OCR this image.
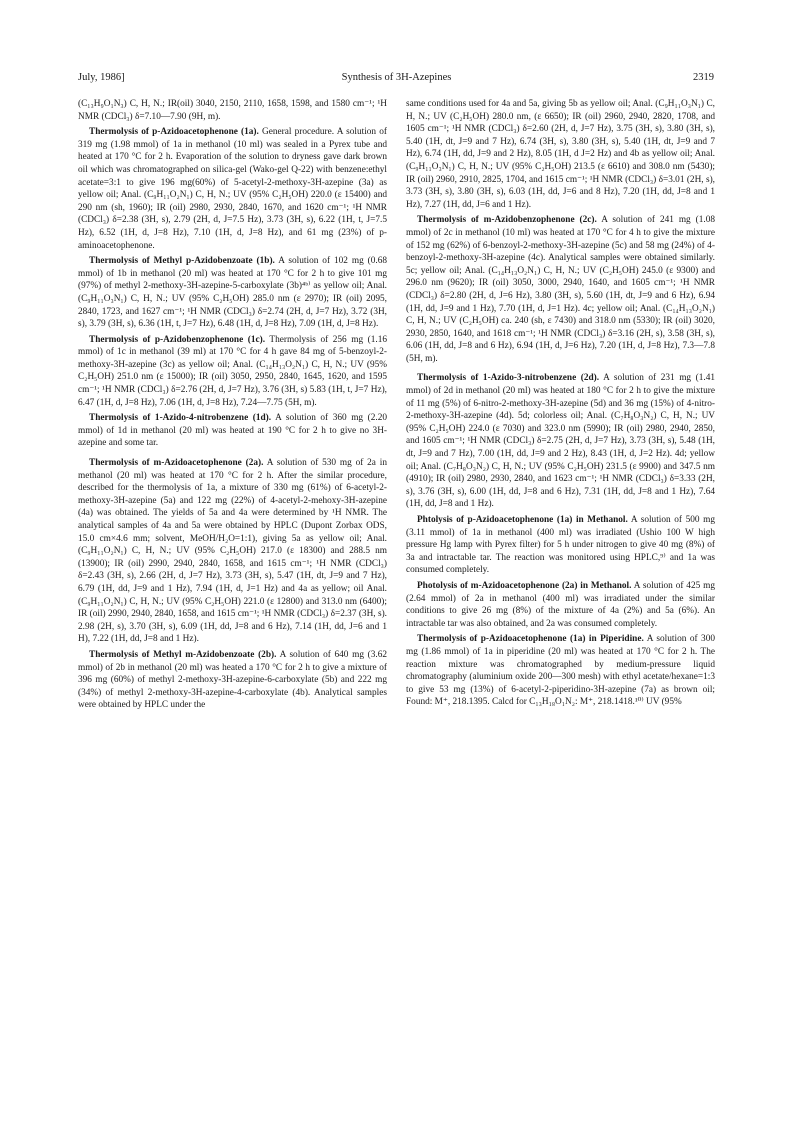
July, 1986]	Synthesis of 3H-Azepines	2319

(C₁₃H₉O₁N₃) C, H, N.; IR(oil) 3040, 2150, 2110, 1658, 1598, and 1580 cm⁻¹; ¹H NMR (CDCl₃) δ=7.10—7.90 (9H, m).

Thermolysis of p-Azidoacetophenone (1a). General procedure. A solution of 319 mg (1.98 mmol) of 1a in methanol (10 ml) was sealed in a Pyrex tube and heated at 170 °C for 2 h. Evaporation of the solution to dryness gave dark brown oil which was chromatographed on silica-gel (Wako-gel Q-22) with benzene:ethyl acetate=3:1 to give 196 mg(60%) of 5-acetyl-2-methoxy-3H-azepine (3a) as yellow oil; Anal. (C₉H₁₁O₂N₁) C, H, N.; UV (95% C₂H₅OH) 220.0 (ε 15400) and 290 nm (sh, 1960); IR (oil) 2980, 2930, 2840, 1670, and 1620 cm⁻¹; ¹H NMR (CDCl₃) δ=2.38 (3H, s), 2.79 (2H, d, J=7.5 Hz), 3.73 (3H, s), 6.22 (1H, t, J=7.5 Hz), 6.52 (1H, d, J=8 Hz), 7.10 (1H, d, J=8 Hz), and 61 mg (23%) of p-aminoacetophenone.

Thermolysis of Methyl p-Azidobenzoate (1b). A solution of 102 mg (0.68 mmol) of 1b in methanol (20 ml) was heated at 170 °C for 2 h to give 101 mg (97%) of methyl 2-methoxy-3H-azepine-5-carboxylate (3b)⁴ᵇ⁾ as yellow oil; Anal. (C₉H₁₁O₃N₁) C, H, N.; UV (95% C₂H₅OH) 285.0 nm (ε 2970); IR (oil) 2095, 2840, 1723, and 1627 cm⁻¹; ¹H NMR (CDCl₃) δ=2.74 (2H, d, J=7 Hz), 3.72 (3H, s), 3.79 (3H, s), 6.36 (1H, t, J=7 Hz), 6.48 (1H, d, J=8 Hz), 7.09 (1H, d, J=8 Hz).

Thermolysis of p-Azidobenzophenone (1c). Thermolysis of 256 mg (1.16 mmol) of 1c in methanol (39 ml) at 170 °C for 4 h gave 84 mg of 5-benzoyl-2-methoxy-3H-azepine (3c) as yellow oil; Anal. (C₁₄H₁₃O₂N₁) C, H, N.; UV (95% C₂H₅OH) 251.0 nm (ε 15000); IR (oil) 3050, 2950, 2840, 1645, 1620, and 1595 cm⁻¹; ¹H NMR (CDCl₃) δ=2.76 (2H, d, J=7 Hz), 3.76 (3H, s) 5.83 (1H, t, J=7 Hz), 6.47 (1H, d, J=8 Hz), 7.06 (1H, d, J=8 Hz), 7.24—7.75 (5H, m).

Thermolysis of 1-Azido-4-nitrobenzene (1d). A solution of 360 mg (2.20 mmol) of 1d in methanol (20 ml) was heated at 190 °C for 2 h to give no 3H-azepine and some tar.

Thermolysis of m-Azidoacetophenone (2a). A solution of 530 mg of 2a in methanol (20 ml) was heated at 170 °C for 2 h. After the similar procedure, described for the thermolysis of 1a, a mixture of 330 mg (61%) of 6-acetyl-2-methoxy-3H-azepine (5a) and 122 mg (22%) of 4-acetyl-2-mehoxy-3H-azepine (4a) was obtained. The yields of 5a and 4a were determined by ¹H NMR. The analytical samples of 4a and 5a were obtained by HPLC (Dupont Zorbax ODS, 15.0 cm×4.6 mm; solvent, MeOH/H₂O=1:1), giving 5a as yellow oil; Anal. (C₉H₁₁O₂N₁) C, H, N.; UV (95% C₂H₅OH) 217.0 (ε 18300) and 288.5 nm (13900); IR (oil) 2990, 2940, 2840, 1658, and 1615 cm⁻¹; ¹H NMR (CDCl₃) δ=2.43 (3H, s), 2.66 (2H, d, J=7 Hz), 3.73 (3H, s), 5.47 (1H, dt, J=9 and 7 Hz), 6.79 (1H, dd, J=9 and 1 Hz), 7.94 (1H, d, J=1 Hz) and 4a as yellow; oil Anal. (C₉H₁₁O₂N₁) C, H, N.; UV (95% C₂H₅OH) 221.0 (ε 12800) and 313.0 nm (6400); IR (oil) 2990, 2940, 2840, 1658, and 1615 cm⁻¹; ¹H NMR (CDCl₃) δ=2.37 (3H, s). 2.98 (2H, s), 3.70 (3H, s), 6.09 (1H, dd, J=8 and 6 Hz), 7.14 (1H, dd, J=6 and 1 H), 7.22 (1H, dd, J=8 and 1 Hz).

Thermolysis of Methyl m-Azidobenzoate (2b). A solution of 640 mg (3.62 mmol) of 2b in methanol (20 ml) was heated a 170 °C for 2 h to give a mixture of 396 mg (60%) of methyl 2-methoxy-3H-azepine-6-carboxylate (5b) and 222 mg (34%) of methyl 2-methoxy-3H-azepine-4-carboxylate (4b). Analytical samples were obtained by HPLC under the

same conditions used for 4a and 5a, giving 5b as yellow oil; Anal. (C₉H₁₁O₃N₁) C, H, N.; UV (C₂H₅OH) 280.0 nm, (ε 6650); IR (oil) 2960, 2940, 2820, 1708, and 1605 cm⁻¹; ¹H NMR (CDCl₃) δ=2.60 (2H, d, J=7 Hz), 3.75 (3H, s), 3.80 (3H, s), 5.40 (1H, dt, J=9 and 7 Hz), 6.74 (3H, s), 3.80 (3H, s), 5.40 (1H, dt, J=9 and 7 Hz), 6.74 (1H, dd, J=9 and 2 Hz), 8.05 (1H, d J=2 Hz) and 4b as yellow oil; Anal. (C₉H₁₁O₃N₁) C, H, N.; UV (95% C₂H₅OH) 213.5 (ε 6610) and 308.0 nm (5430); IR (oil) 2960, 2910, 2825, 1704, and 1615 cm⁻¹; ¹H NMR (CDCl₃) δ=3.01 (2H, s), 3.73 (3H, s), 3.80 (3H, s), 6.03 (1H, dd, J=6 and 8 Hz), 7.20 (1H, dd, J=8 and 1 Hz), 7.27 (1H, dd, J=6 and 1 Hz).

Thermolysis of m-Azidobenzophenone (2c). A solution of 241 mg (1.08 mmol) of 2c in methanol (10 ml) was heated at 170 °C for 4 h to give the mixture of 152 mg (62%) of 6-benzoyl-2-methoxy-3H-azepine (5c) and 58 mg (24%) of 4-benzoyl-2-methoxy-3H-azepine (4c). Analytical samples were obtained similarly. 5c; yellow oil; Anal. (C₁₄H₁₃O₂N₁) C, H, N.; UV (C₂H₅OH) 245.0 (ε 9300) and 296.0 nm (9620); IR (oil) 3050, 3000, 2940, 1640, and 1605 cm⁻¹; ¹H NMR (CDCl₃) δ=2.80 (2H, d, J=6 Hz), 3.80 (3H, s), 5.60 (1H, dt, J=9 and 6 Hz), 6.94 (1H, dd, J=9 and 1 Hz), 7.70 (1H, d, J=1 Hz). 4c; yellow oil; Anal. (C₁₄H₁₃O₂N₁) C, H, N.; UV (C₂H₅OH) ca. 240 (sh, ε 7430) and 318.0 nm (5330); IR (oil) 3020, 2930, 2850, 1640, and 1618 cm⁻¹; ¹H NMR (CDCl₃) δ=3.16 (2H, s), 3.58 (3H, s), 6.06 (1H, dd, J=8 and 6 Hz), 6.94 (1H, d, J=6 Hz), 7.20 (1H, d, J=8 Hz), 7.3—7.8 (5H, m).

Thermolysis of 1-Azido-3-nitrobenzene (2d). A solution of 231 mg (1.41 mmol) of 2d in methanol (20 ml) was heated at 180 °C for 2 h to give the mixture of 11 mg (5%) of 6-nitro-2-methoxy-3H-azepine (5d) and 36 mg (15%) of 4-nitro-2-methoxy-3H-azepine (4d). 5d; colorless oil; Anal. (C₇H₈O₃N₂) C, H, N.; UV (95% C₂H₅OH) 224.0 (ε 7030) and 323.0 nm (5990); IR (oil) 2980, 2940, 2850, and 1605 cm⁻¹; ¹H NMR (CDCl₃) δ=2.75 (2H, d, J=7 Hz), 3.73 (3H, s), 5.48 (1H, dt, J=9 and 7 Hz), 7.00 (1H, dd, J=9 and 2 Hz), 8.43 (1H, d, J=2 Hz). 4d; yellow oil; Anal. (C₇H₈O₃N₂) C, H, N.; UV (95% C₂H₅OH) 231.5 (ε 9900) and 347.5 nm (4910); IR (oil) 2980, 2930, 2840, and 1623 cm⁻¹; ¹H NMR (CDCl₃) δ=3.33 (2H, s), 3.76 (3H, s), 6.00 (1H, dd, J=8 and 6 Hz), 7.31 (1H, dd, J=8 and 1 Hz), 7.64 (1H, dd, J=8 and 1 Hz).

Phtolysis of p-Azidoacetophenone (1a) in Methanol. A solution of 500 mg (3.11 mmol) of 1a in methanol (400 ml) was irradiated (Ushio 100 W high pressure Hg lamp with Pyrex filter) for 5 h under nitrogen to give 40 mg (8%) of 3a and intractable tar. The reaction was monitored using HPLC,⁹⁾ and 1a was consumed completely.

Photolysis of m-Azidoacetophenone (2a) in Methanol. A solution of 425 mg (2.64 mmol) of 2a in methanol (400 ml) was irradiated under the similar conditions to give 26 mg (8%) of the mixture of 4a (2%) and 5a (6%). An intractable tar was also obtained, and 2a was consumed completely.

Thermolysis of p-Azidoacetophenone (1a) in Piperidine. A solution of 300 mg (1.86 mmol) of 1a in piperidine (20 ml) was heated at 170 °C for 2 h. The reaction mixture was chromatographed by medium-pressure liquid chromatography (aluminium oxide 200—300 mesh) with ethyl acetate/hexane=1:3 to give 53 mg (13%) of 6-acetyl-2-piperidino-3H-azepine (7a) as brown oil; Found: M⁺, 218.1395. Calcd for C₁₃H₁₈O₁N₂: M⁺, 218.1418.¹⁰⁾ UV (95%
